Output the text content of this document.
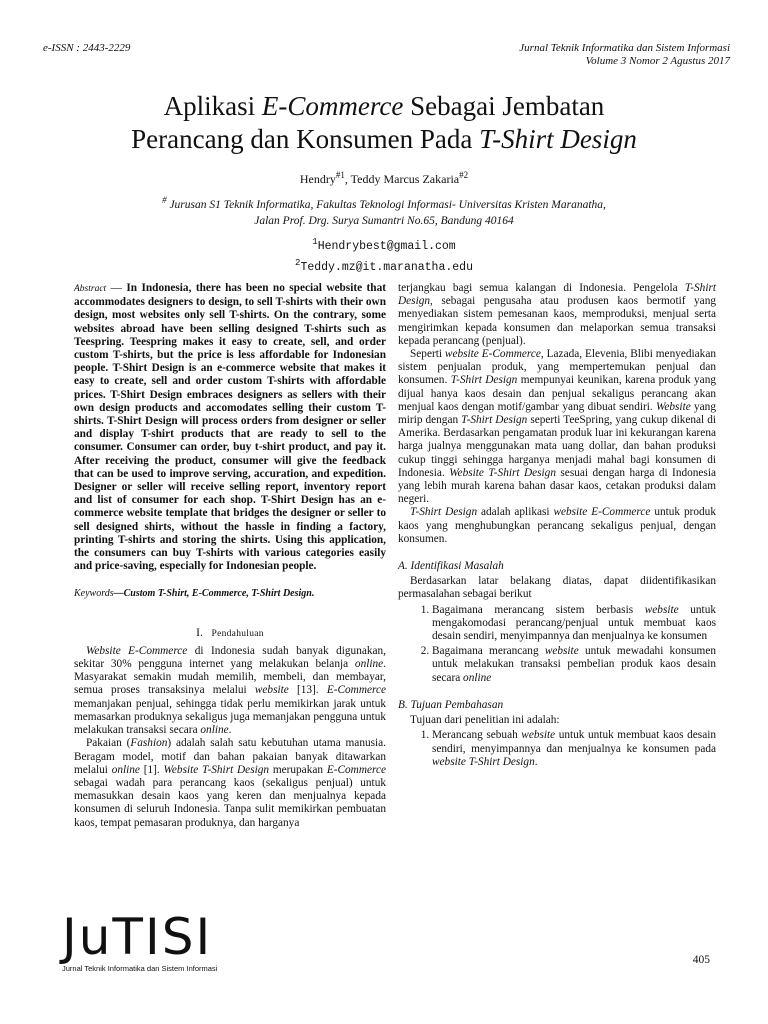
e-ISSN : 2443-2229	Jurnal Teknik Informatika dan Sistem Informasi
Volume 3 Nomor 2 Agustus 2017
Aplikasi E-Commerce Sebagai Jembatan
Perancang dan Konsumen Pada T-Shirt Design
Hendry$^{\#1}$, Teddy Marcus Zakaria$^{\#2}$
# Jurusan S1 Teknik Informatika, Fakultas Teknologi Informasi- Universitas Kristen Maranatha,
Jalan Prof. Drg. Surya Sumantri No.65, Bandung 40164
$^1$Hendrybest@gmail.com
$^2$Teddy.mz@it.maranatha.edu

Abstract — In Indonesia, there has been no special website that accommodates designers to design, to sell T-shirts with their own design, most websites only sell T-shirts. On the contrary, some websites abroad have been selling designed T-shirts such as Teespring. Teespring makes it easy to create, sell, and order custom T-shirts, but the price is less affordable for Indonesian people. T-Shirt Design is an e-commerce website that makes it easy to create, sell and order custom T-shirts with affordable prices. T-Shirt Design embraces designers as sellers with their own design products and accomodates selling their custom T-shirts. T-Shirt Design will process orders from designer or seller and display T-shirt products that are ready to sell to the consumer. Consumer can order, buy t-shirt product, and pay it. After receiving the product, consumer will give the feedback that can be used to improve serving, accuration, and expedition. Designer or seller will receive selling report, inventory report and list of consumer for each shop. T-Shirt Design has an e-commerce website template that bridges the designer or seller to sell designed shirts, without the hassle in finding a factory, printing T-shirts and storing the shirts. Using this application, the consumers can buy T-shirts with various categories easily and price-saving, especially for Indonesian people.

Keywords—Custom T-Shirt, E-Commerce, T-Shirt Design.

I. Pendahuluan

Website E-Commerce di Indonesia sudah banyak digunakan, sekitar 30% pengguna internet yang melakukan belanja online. Masyarakat semakin mudah memilih, membeli, dan membayar, semua proses transaksinya melalui website [13]. E-Commerce memanjakan penjual, sehingga tidak perlu memikirkan jarak untuk memasarkan produknya sekaligus juga memanjakan pengguna untuk melakukan transaksi secara online.

Pakaian (Fashion) adalah salah satu kebutuhan utama manusia. Beragam model, motif dan bahan pakaian banyak ditawarkan melalui online [1]. Website T-Shirt Design merupakan E-Commerce sebagai wadah para perancang kaos (sekaligus penjual) untuk memasukkan desain kaos yang keren dan menjualnya kepada konsumen di seluruh Indonesia. Tanpa sulit memikirkan pembuatan kaos, tempat pemasaran produknya, dan harganya

terjangkau bagi semua kalangan di Indonesia. Pengelola T-Shirt Design, sebagai pengusaha atau produsen kaos bermotif yang menyediakan sistem pemesanan kaos, memproduksi, menjual serta mengirimkan kepada konsumen dan melaporkan semua transaksi kepada perancang (penjual).

Seperti website E-Commerce, Lazada, Elevenia, Blibi menyediakan sistem penjualan produk, yang mempertemukan penjual dan konsumen. T-Shirt Design mempunyai keunikan, karena produk yang dijual hanya kaos desain dan penjual sekaligus perancang akan menjual kaos dengan motif/gambar yang dibuat sendiri. Website yang mirip dengan T-Shirt Design seperti TeeSpring, yang cukup dikenal di Amerika. Berdasarkan pengamatan produk luar ini kekurangan karena harga jualnya menggunakan mata uang dollar, dan bahan produksi cukup tinggi sehingga harganya menjadi mahal bagi konsumen di Indonesia. Website T-Shirt Design sesuai dengan harga di Indonesia yang lebih murah karena bahan dasar kaos, cetakan produksi dalam negeri.

T-Shirt Design adalah aplikasi website E-Commerce untuk produk kaos yang menghubungkan perancang sekaligus penjual, dengan konsumen.

A. Identifikasi Masalah

Berdasarkan latar belakang diatas, dapat diidentifikasikan permasalahan sebagai berikut

1. Bagaimana merancang sistem berbasis website untuk mengakomodasi perancang/penjual untuk membuat kaos desain sendiri, menyimpannya dan menjualnya ke konsumen
2. Bagaimana merancang website untuk mewadahi konsumen untuk melakukan transaksi pembelian produk kaos desain secara online
B. Tujuan Pembahasan

Tujuan dari penelitian ini adalah:

1. Merancang sebuah website untuk untuk membuat kaos desain sendiri, menyimpannya dan menjualnya ke konsumen pada website T-Shirt Design.
JuTISI
Jurnal Teknik Informatika dan Sistem Informasi
405
